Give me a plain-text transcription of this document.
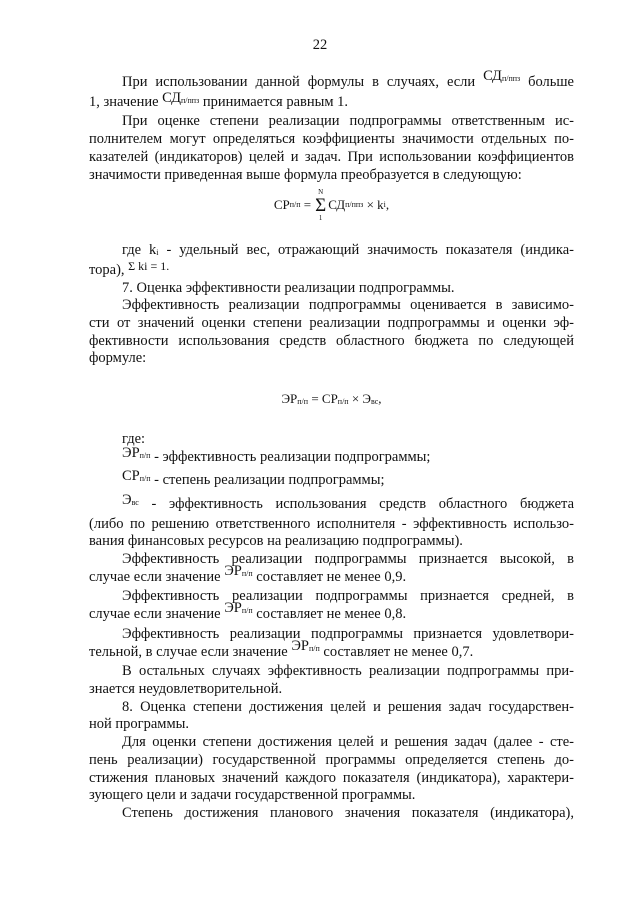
22

При использовании данной формулы в случаях, если $СД_{п/ппз}$ больше

1, значение $СД_{п/ппз}$ принимается равным 1.

При оценке степени реализации подпрограммы ответственным ис-

полнителем могут определяться коэффициенты значимости отдельных по-

казателей (индикаторов) целей и задач. При использовании коэффициентов

значимости приведенная выше формула преобразуется в следующую:

СР п/п
=
N
Σ
1
СД п/ппз
× k i ,

где $k_i$ - удельный вес, отражающий значимость показателя (индика-

тора), $^{\Sigma ki = 1.}$

7. Оценка эффективности реализации подпрограммы.

Эффективность реализации подпрограммы оценивается в зависимо-

сти от значений оценки степени реализации подпрограммы и оценки эф-

фективности использования средств областного бюджета по следующей

формуле:

$ЭР_{п/п} = СР_{п/п} \times Э_{вс}$,

где:

$ЭР_{п/п}$ - эффективность реализации подпрограммы;

$СР_{п/п}$ - степень реализации подпрограммы;

$Э_{вс}$ - эффективность использования средств областного бюджета

(либо по решению ответственного исполнителя - эффективность использо-

вания финансовых ресурсов на реализацию подпрограммы).

Эффективность реализации подпрограммы признается высокой, в

случае если значение $ЭР_{п/п}$ составляет не менее 0,9.

Эффективность реализации подпрограммы признается средней, в

случае если значение $ЭР_{п/п}$ составляет не менее 0,8.

Эффективность реализации подпрограммы признается удовлетвори-

тельной, в случае если значение $ЭР_{п/п}$ составляет не менее 0,7.

В остальных случаях эффективность реализации подпрограммы при-

знается неудовлетворительной.

8. Оценка степени достижения целей и решения задач государствен-

ной программы.

Для оценки степени достижения целей и решения задач (далее - сте-

пень реализации) государственной программы определяется степень до-

стижения плановых значений каждого показателя (индикатора), характери-

зующего цели и задачи государственной программы.

Степень достижения планового значения показателя (индикатора),
